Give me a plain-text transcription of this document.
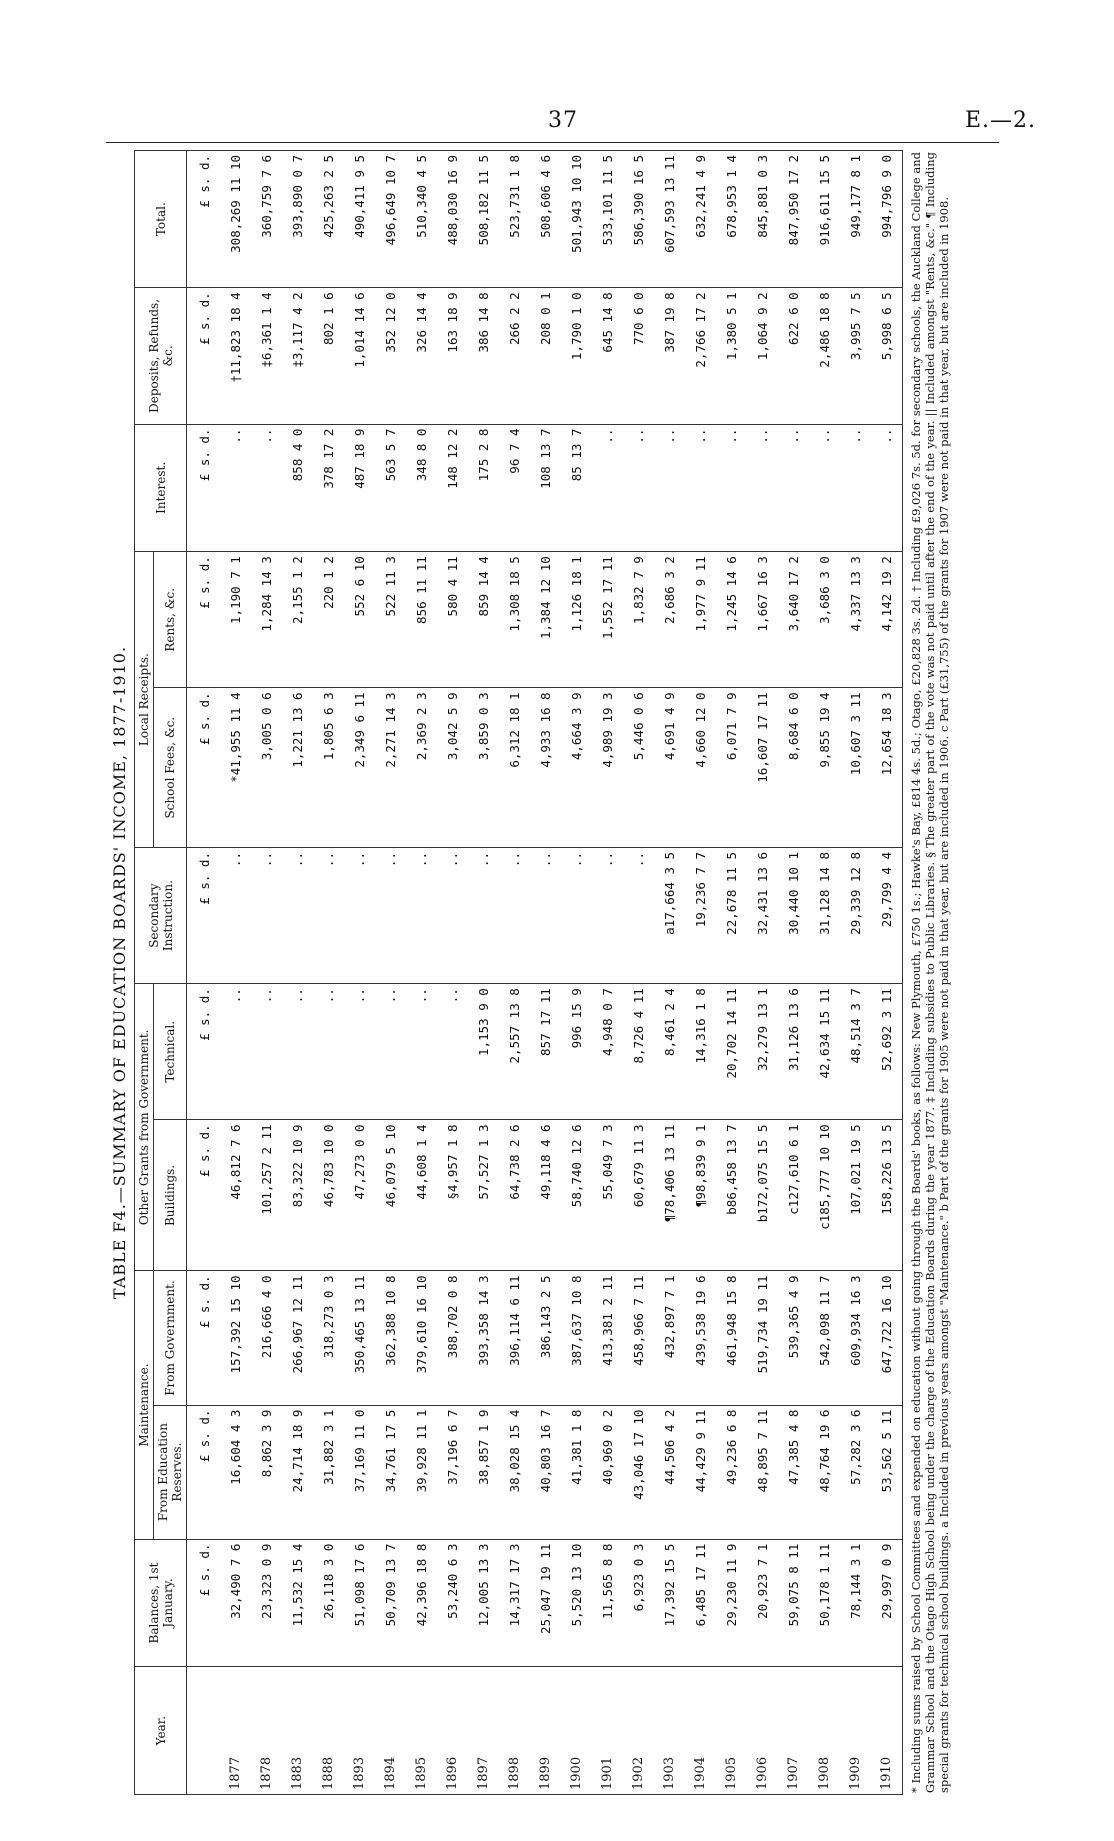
37	E.—2.
TABLE F4.—SUMMARY OF EDUCATION BOARDS' INCOME, 1877-1910.
Year.	Balances, 1st January.	Maintenance.		Other Grants from Government.		Secondary Instruction.	Local Receipts.		Interest.	Deposits, Refunds, &c.	Total.
		From Education Reserves.	From Government.	Buildings.	Technical.		School Fees, &c.	Rents, &c.			
	£ s. d.	£ s. d.	£ s. d.	£ s. d.	£ s. d.	£ s. d.	£ s. d.	£ s. d.	£ s. d.	£ s. d.	£ s. d.
1877	32,490 7 6	16,604 4 3	157,392 15 10	46,812 7 6	..	..	*41,955 11 4	1,190 7 1	..	†11,823 18 4	308,269 11 10
1878	23,323 0 9	8,862 3 9	216,666 4 0	101,257 2 11	..	..	3,005 0 6	1,284 14 3	..	‡6,361 1 4	360,759 7 6
1883	11,532 15 4	24,714 18 9	266,967 12 11	83,322 10 9	..	..	1,221 13 6	2,155 1 2	858 4 0	‡3,117 4 2	393,890 0 7
1888	26,118 3 0	31,882 3 1	318,273 0 3	46,783 10 0	..	..	1,805 6 3	220 1 2	378 17 2	802 1 6	425,263 2 5
1893	51,098 17 6	37,169 11 0	350,465 13 11	47,273 0 0	..	..	2,349 6 11	552 6 10	487 18 9	1,014 14 6	490,411 9 5
1894	50,709 13 7	34,761 17 5	362,388 10 8	46,079 5 10	..	..	2,271 14 3	522 11 3	563 5 7	352 12 0	496,649 10 7
1895	42,396 18 8	39,928 11 1	379,610 16 10	44,608 1 4	..	..	2,369 2 3	856 11 11	348 8 0	326 14 4	510,340 4 5
1896	53,240 6 3	37,196 6 7	388,702 0 8	§4,957 1 8	..	..	3,042 5 9	580 4 11	148 12 2	163 18 9	488,030 16 9
1897	12,005 13 3	38,857 1 9	393,358 14 3	57,527 1 3	1,153 9 0	..	3,859 0 3	859 14 4	175 2 8	386 14 8	508,182 11 5
1898	14,317 17 3	38,028 15 4	396,114 6 11	64,738 2 6	2,557 13 8	..	6,312 18 1	1,308 18 5	96 7 4	266 2 2	523,731 1 8
1899	25,047 19 11	40,803 16 7	386,143 2 5	49,118 4 6	857 17 11	..	4,933 16 8	1,384 12 10	108 13 7	208 0 1	508,606 4 6
1900	5,520 13 10	41,381 1 8	387,637 10 8	58,740 12 6	996 15 9	..	4,664 3 9	1,126 18 1	85 13 7	1,790 1 0	501,943 10 10
1901	11,565 8 8	40,969 0 2	413,381 2 11	55,049 7 3	4,948 0 7	..	4,989 19 3	1,552 17 11	..	645 14 8	533,101 11 5
1902	6,923 0 3	43,046 17 10	458,966 7 11	60,679 11 3	8,726 4 11	..	5,446 0 6	1,832 7 9	..	770 6 0	586,390 16 5
1903	17,392 15 5	44,506 4 2	432,897 7 1	¶78,406 13 11	8,461 2 4	a17,664 3 5	4,691 4 9	2,686 3 2	..	387 19 8	607,593 13 11
1904	6,485 17 11	44,429 9 11	439,538 19 6	¶98,839 9 1	14,316 1 8	19,236 7 7	4,660 12 0	1,977 9 11	..	2,766 17 2	632,241 4 9
1905	29,230 11 9	49,236 6 8	461,948 15 8	b86,458 13 7	20,702 14 11	22,678 11 5	6,071 7 9	1,245 14 6	..	1,380 5 1	678,953 1 4
1906	20,923 7 1	48,895 7 11	519,734 19 11	b172,075 15 5	32,279 13 1	32,431 13 6	16,607 17 11	1,667 16 3	..	1,064 9 2	845,881 0 3
1907	59,075 8 11	47,385 4 8	539,365 4 9	c127,610 6 1	31,126 13 6	30,440 10 1	8,684 6 0	3,640 17 2	..	622 6 0	847,950 17 2
1908	50,178 1 11	48,764 19 6	542,098 11 7	c185,777 10 10	42,634 15 11	31,128 14 8	9,855 19 4	3,686 3 0	..	2,486 18 8	916,611 15 5
1909	78,144 3 1	57,282 3 6	609,934 16 3	107,021 19 5	48,514 3 7	29,339 12 8	10,607 3 11	4,337 13 3	..	3,995 7 5	949,177 8 1
1910	29,997 0 9	53,562 5 11	647,722 16 10	158,226 13 5	52,692 3 11	29,799 4 4	12,654 18 3	4,142 19 2	..	5,998 6 5	994,796 9 0 * Including sums raised by School Committees and expended on education without going through the Boards' books, as follows: New Plymouth, £750 1s.; Hawke's Bay, £814 4s. 5d.; Otago, £20,828 3s. 2d. † Including £9,026 7s. 5d. for secondary schools, the Auckland College and Grammar School and the Otago High School being under the charge of the Education Boards during the year 1877. ‡ Including subsidies to Public Libraries. § The greater part of the vote was not paid until after the end of the year. || Included amongst "Rents, &c." ¶ Including special grants for technical school buildings. a Included in previous years amongst "Maintenance." b Part of the grants for 1905 were not paid in that year, but are included in 1906. c Part (£31,755) of the grants for 1907 were not paid in that year, but are included in 1908.
